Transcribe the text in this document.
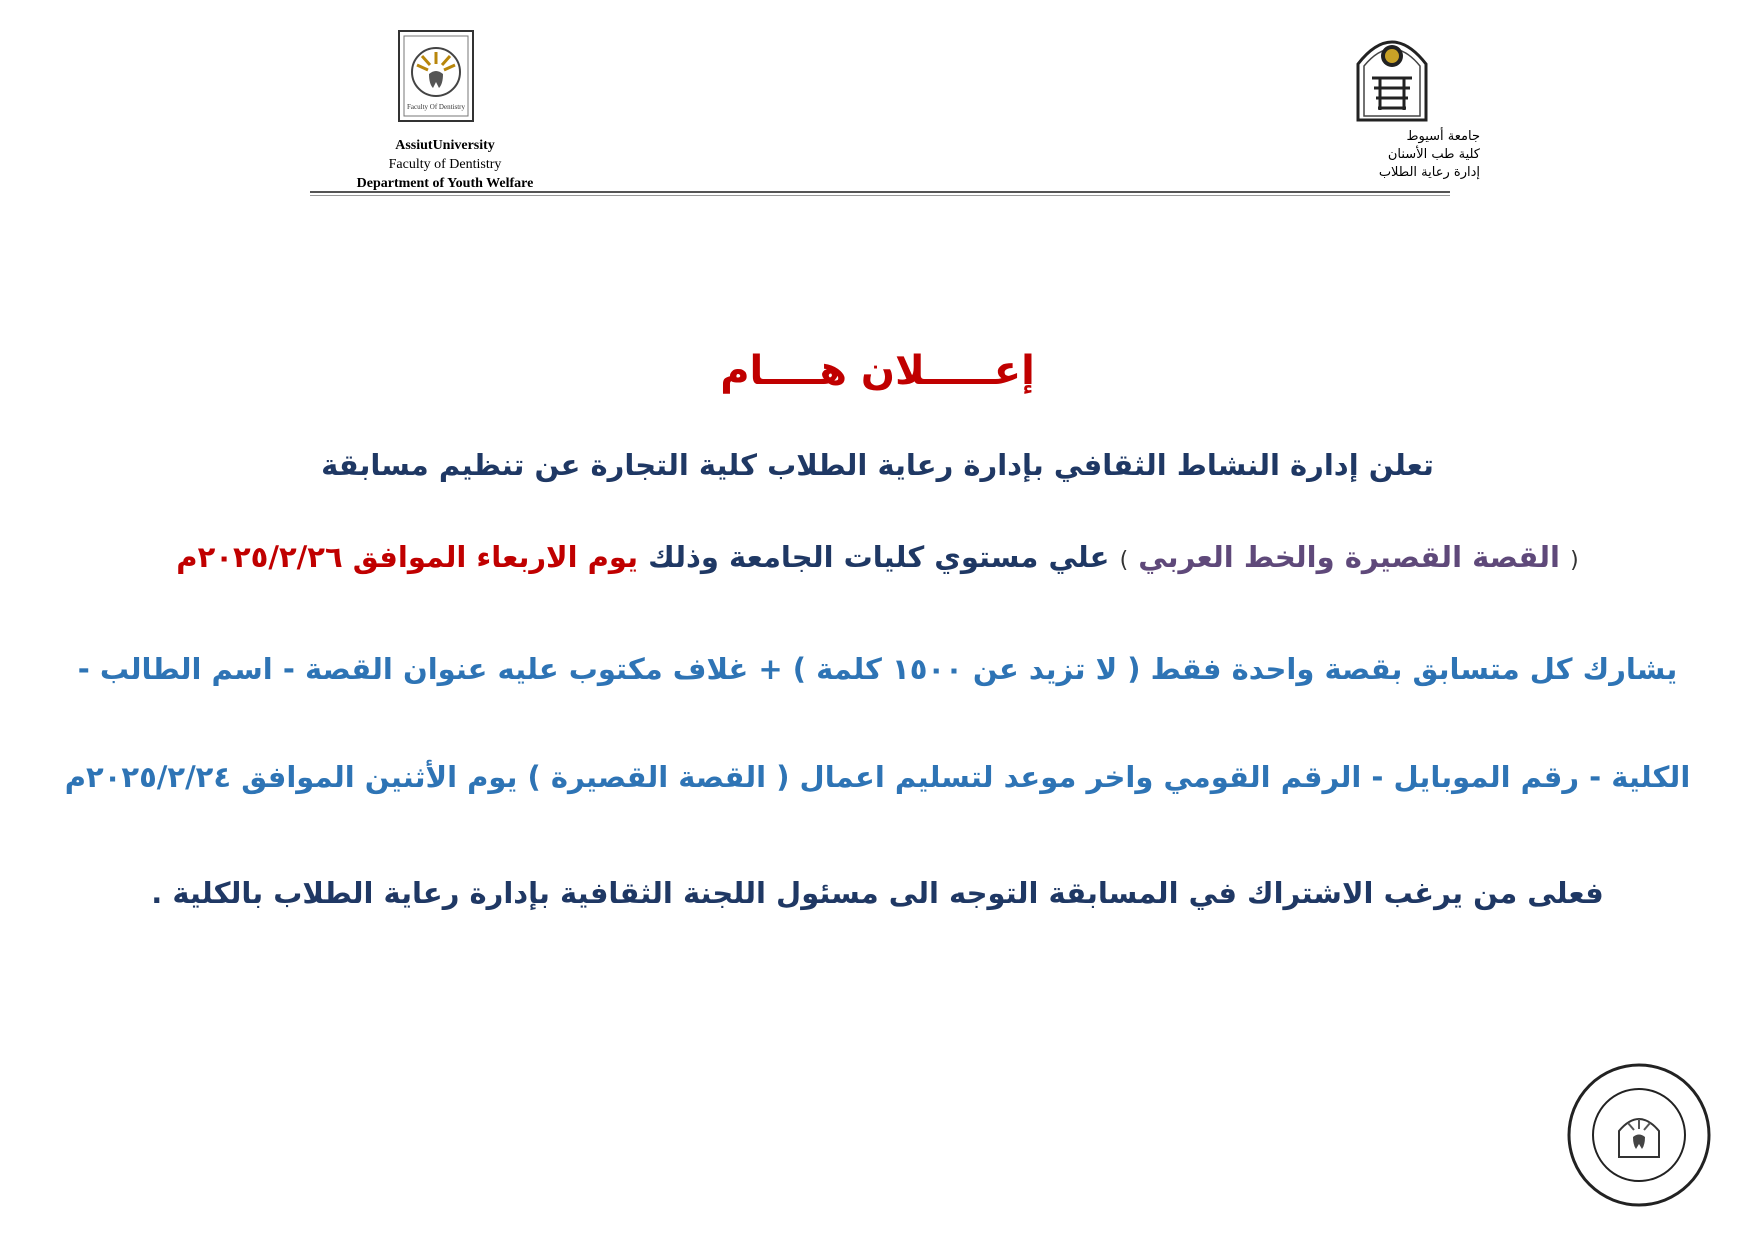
Faculty Of Dentistry
AssiutUniversity
Faculty of Dentistry
Department of Youth Welfare
جامعة أسيوط
كلية طب الأسنان
إدارة رعاية الطلاب
إعـــــلان هــــام
تعلن إدارة النشاط الثقافي بإدارة رعاية الطلاب كلية التجارة عن تنظيم مسابقة
( القصة القصيرة والخط العربي ) علي مستوي كليات الجامعة وذلك يوم الاربعاء الموافق ٢٠٢٥/٢/٢٦م
يشارك كل متسابق بقصة واحدة فقط ( لا تزيد عن ١٥٠٠ كلمة ) + غلاف مكتوب عليه عنوان القصة - اسم الطالب -
الكلية - رقم الموبايل - الرقم القومي واخر موعد لتسليم اعمال ( القصة القصيرة ) يوم الأثنين الموافق ٢٠٢٥/٢/٢٤م
فعلى من يرغب الاشتراك في المسابقة التوجه الى مسئول اللجنة الثقافية بإدارة رعاية الطلاب بالكلية .
